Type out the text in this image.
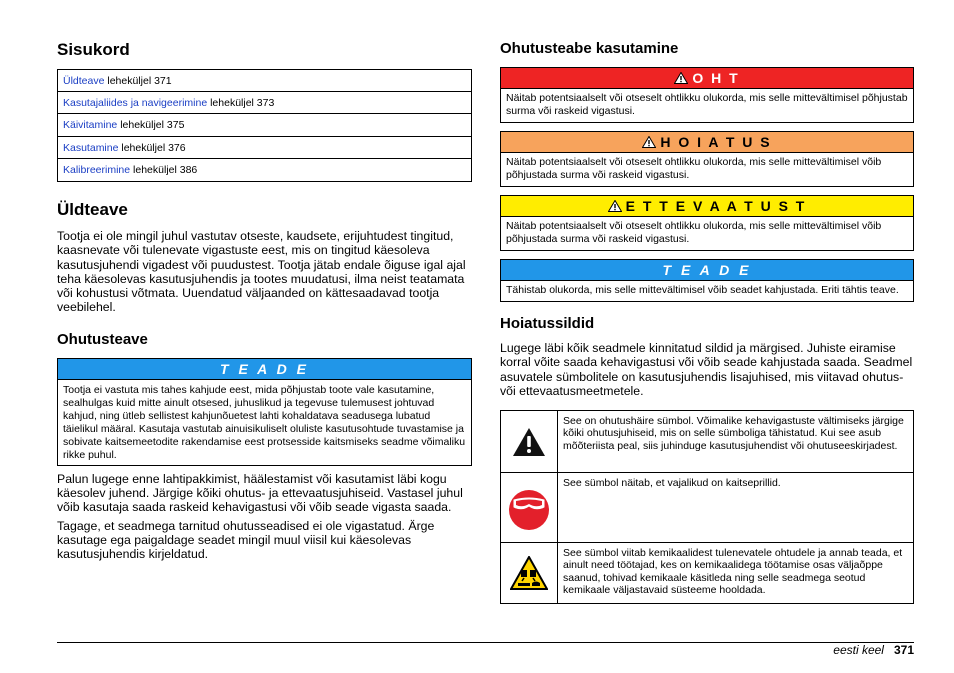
Sisukord
Üldteave leheküljel 371
Kasutajaliides ja navigeerimine leheküljel 373
Käivitamine leheküljel 375
Kasutamine leheküljel 376
Kalibreerimine leheküljel 386
Üldteave

Tootja ei ole mingil juhul vastutav otseste, kaudsete, erijuhtudest tingitud, kaasnevate või tulenevate vigastuste eest, mis on tingitud käesoleva kasutusjuhendi vigadest või puudustest. Tootja jätab endale õiguse igal ajal teha käesolevas kasutusjuhendis ja tootes muudatusi, ilma neist teatamata või kohustusi võtmata. Uuendatud väljaanded on kättesaadavad tootja veebilehel.

Ohutusteave
T E A D E
Tootja ei vastuta mis tahes kahjude eest, mida põhjustab toote vale kasutamine, sealhulgas kuid mitte ainult otsesed, juhuslikud ja tegevuse tulemusest johtuvad kahjud, ning ütleb sellistest kahjunõuetest lahti kohaldatava seadusega lubatud täielikul määral. Kasutaja vastutab ainuisikuliselt oluliste kasutusohtude tuvastamise ja sobivate kaitsemeetodite rakendamise eest protsesside kaitsmiseks seadme võimaliku rikke puhul.

Palun lugege enne lahtipakkimist, häälestamist või kasutamist läbi kogu käesolev juhend. Järgige kõiki ohutus- ja ettevaatusjuhiseid. Vastasel juhul võib kasutaja saada raskeid kehavigastusi või võib seade vigasta saada.

Tagage, et seadmega tarnitud ohutusseadised ei ole vigastatud. Ärge kasutage ega paigaldage seadet mingil muul viisil kui käesolevas kasutusjuhendis kirjeldatud.

Ohutusteabe kasutamine
O H T
Näitab potentsiaalselt või otseselt ohtlikku olukorda, mis selle mittevältimisel põhjustab surma või raskeid vigastusi.
H O I A T U S
Näitab potentsiaalselt või otseselt ohtlikku olukorda, mis selle mittevältimisel võib põhjustada surma või raskeid vigastusi.
E T T E V A A T U S T
Näitab potentsiaalselt või otseselt ohtlikku olukorda, mis selle mittevältimisel võib põhjustada surma või raskeid vigastusi.
T E A D E
Tähistab olukorda, mis selle mittevältimisel võib seadet kahjustada. Eriti tähtis teave.
Hoiatussildid

Lugege läbi kõik seadmele kinnitatud sildid ja märgised. Juhiste eiramise korral võite saada kehavigastusi või võib seade kahjustada saada. Seadmel asuvatele sümbolitele on kasutusjuhendis lisajuhised, mis viitavad ohutus- või ettevaatusmeetmetele.

See on ohutushäire sümbol. Võimalike kehavigastuste vältimiseks järgige kõiki ohutusjuhiseid, mis on selle sümboliga tähistatud. Kui see asub mõõteriista peal, siis juhinduge kasutusjuhendist või ohutuseeskirjadest.
See sümbol näitab, et vajalikud on kaitseprillid.
See sümbol viitab kemikaalidest tulenevatele ohtudele ja annab teada, et ainult need töötajad, kes on kemikaalidega töötamise osas väljaõppe saanud, tohivad kemikaale käsitleda ning selle seadmega seotud kemikaale väljastavaid süsteeme hooldada.
eesti keel 371
